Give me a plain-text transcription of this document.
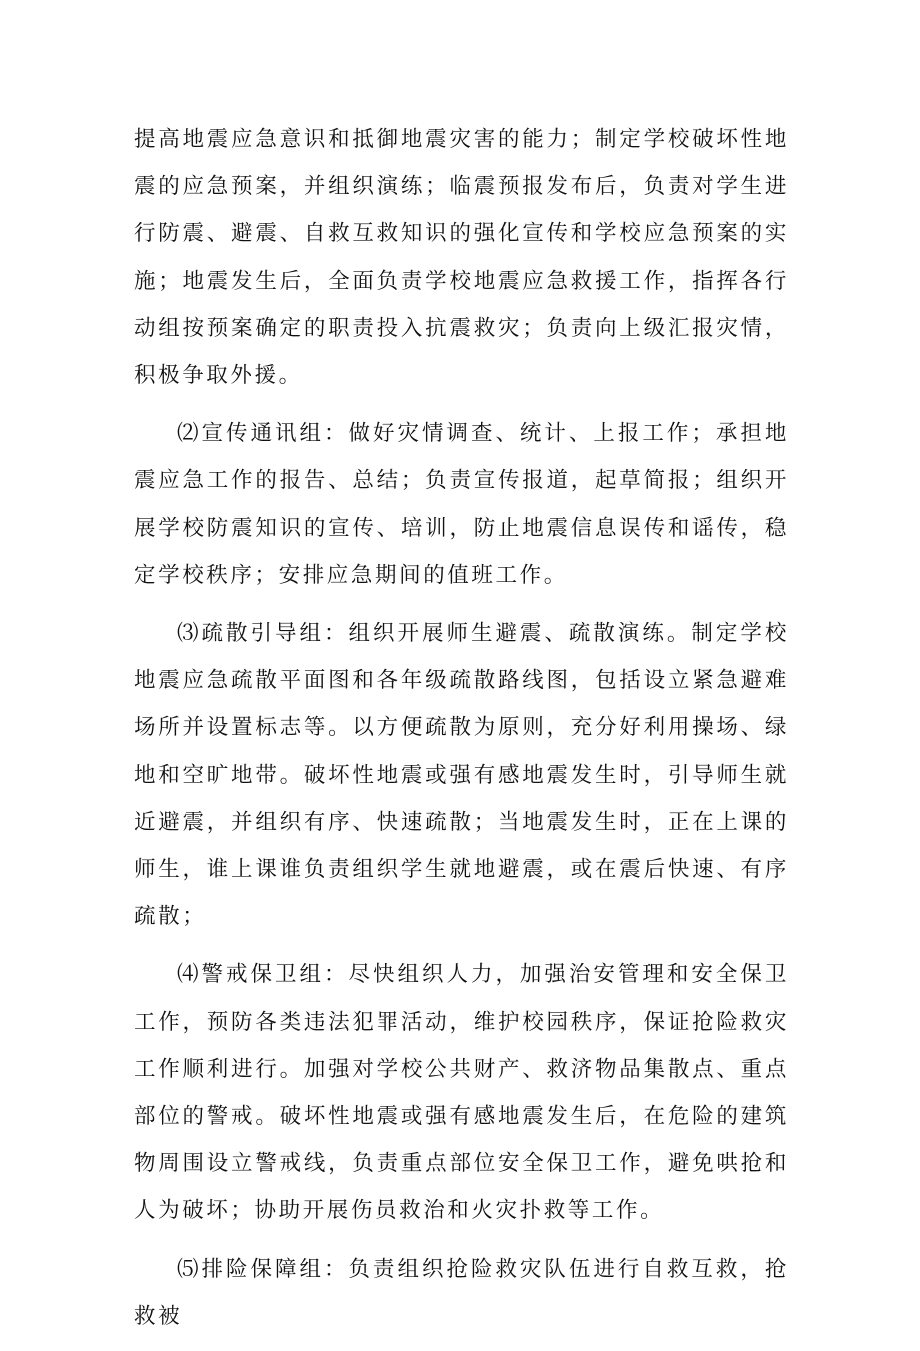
提高地震应急意识和抵御地震灾害的能力；制定学校破坏性地震的应急预案，并组织演练；临震预报发布后，负责对学生进行防震、避震、自救互救知识的强化宣传和学校应急预案的实施；地震发生后，全面负责学校地震应急救援工作，指挥各行动组按预案确定的职责投入抗震救灾；负责向上级汇报灾情，积极争取外援。

⑵宣传通讯组：做好灾情调查、统计、上报工作；承担地震应急工作的报告、总结；负责宣传报道，起草简报；组织开展学校防震知识的宣传、培训，防止地震信息误传和谣传，稳定学校秩序；安排应急期间的值班工作。

⑶疏散引导组：组织开展师生避震、疏散演练。制定学校地震应急疏散平面图和各年级疏散路线图，包括设立紧急避难场所并设置标志等。以方便疏散为原则，充分好利用操场、绿地和空旷地带。破坏性地震或强有感地震发生时，引导师生就近避震，并组织有序、快速疏散；当地震发生时，正在上课的师生，谁上课谁负责组织学生就地避震，或在震后快速、有序疏散；

⑷警戒保卫组：尽快组织人力，加强治安管理和安全保卫工作，预防各类违法犯罪活动，维护校园秩序，保证抢险救灾工作顺利进行。加强对学校公共财产、救济物品集散点、重点部位的警戒。破坏性地震或强有感地震发生后，在危险的建筑物周围设立警戒线，负责重点部位安全保卫工作，避免哄抢和人为破坏；协助开展伤员救治和火灾扑救等工作。

⑸排险保障组：负责组织抢险救灾队伍进行自救互救，抢救被
